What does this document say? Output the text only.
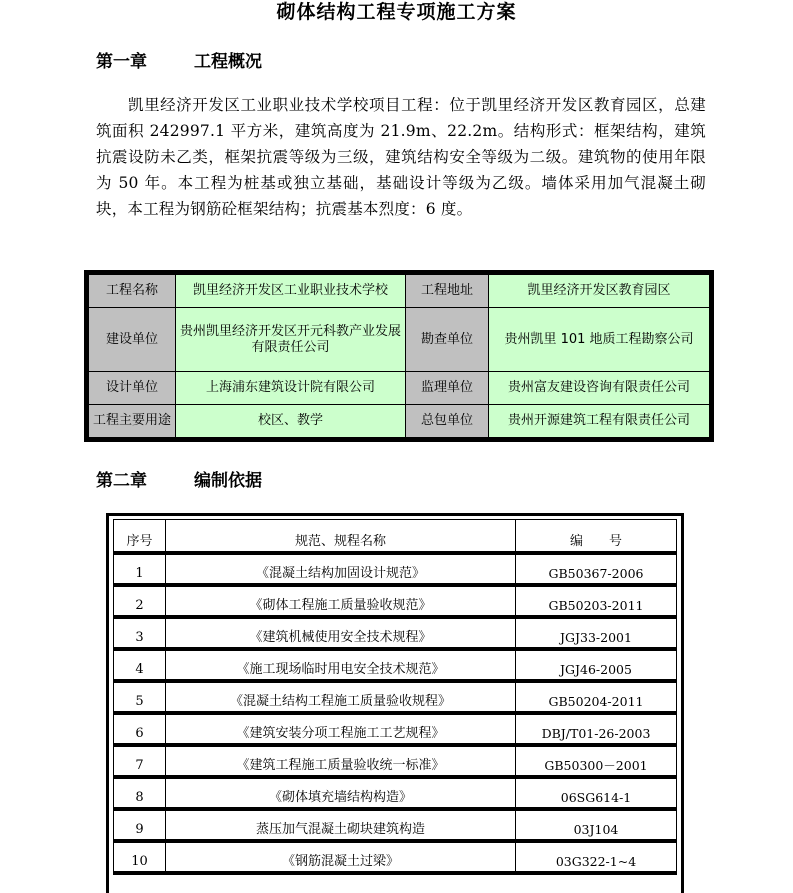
砌体结构工程专项施工方案
第一章	工程概况

凯里经济开发区工业职业技术学校项目工程：位于凯里经济开发区教育园区，总建筑面积 242997.1 平方米，建筑高度为 21.9m、22.2m。结构形式：框架结构，建筑抗震设防未乙类，框架抗震等级为三级，建筑结构安全等级为二级。建筑物的使用年限为 50 年。本工程为桩基或独立基础，基础设计等级为乙级。墙体采用加气混凝土砌块，本工程为钢筋砼框架结构；抗震基本烈度：6 度。

工程名称	凯里经济开发区工业职业技术学校	工程地址	凯里经济开发区教育园区
建设单位	贵州凯里经济开发区开元科教产业发展有限责任公司	勘查单位	贵州凯里 101 地质工程勘察公司
设计单位	上海浦东建筑设计院有限公司	监理单位	贵州富友建设咨询有限责任公司
工程主要用途	校区、教学	总包单位	贵州开源建筑工程有限责任公司
第二章	编制依据
序号	规范、规程名称	编　　号
1	《混凝土结构加固设计规范》	GB50367-2006
2	《砌体工程施工质量验收规范》	GB50203-2011
3	《建筑机械使用安全技术规程》	JGJ33-2001
4	《施工现场临时用电安全技术规范》	JGJ46-2005
5	《混凝土结构工程施工质量验收规程》	GB50204-2011
6	《建筑安装分项工程施工工艺规程》	DBJ/T01-26-2003
7	《建筑工程施工质量验收统一标准》	GB50300－2001
8	《砌体填充墙结构构造》	06SG614-1
9	蒸压加气混凝土砌块建筑构造	03J104
10	《钢筋混凝土过梁》	03G322-1~4
